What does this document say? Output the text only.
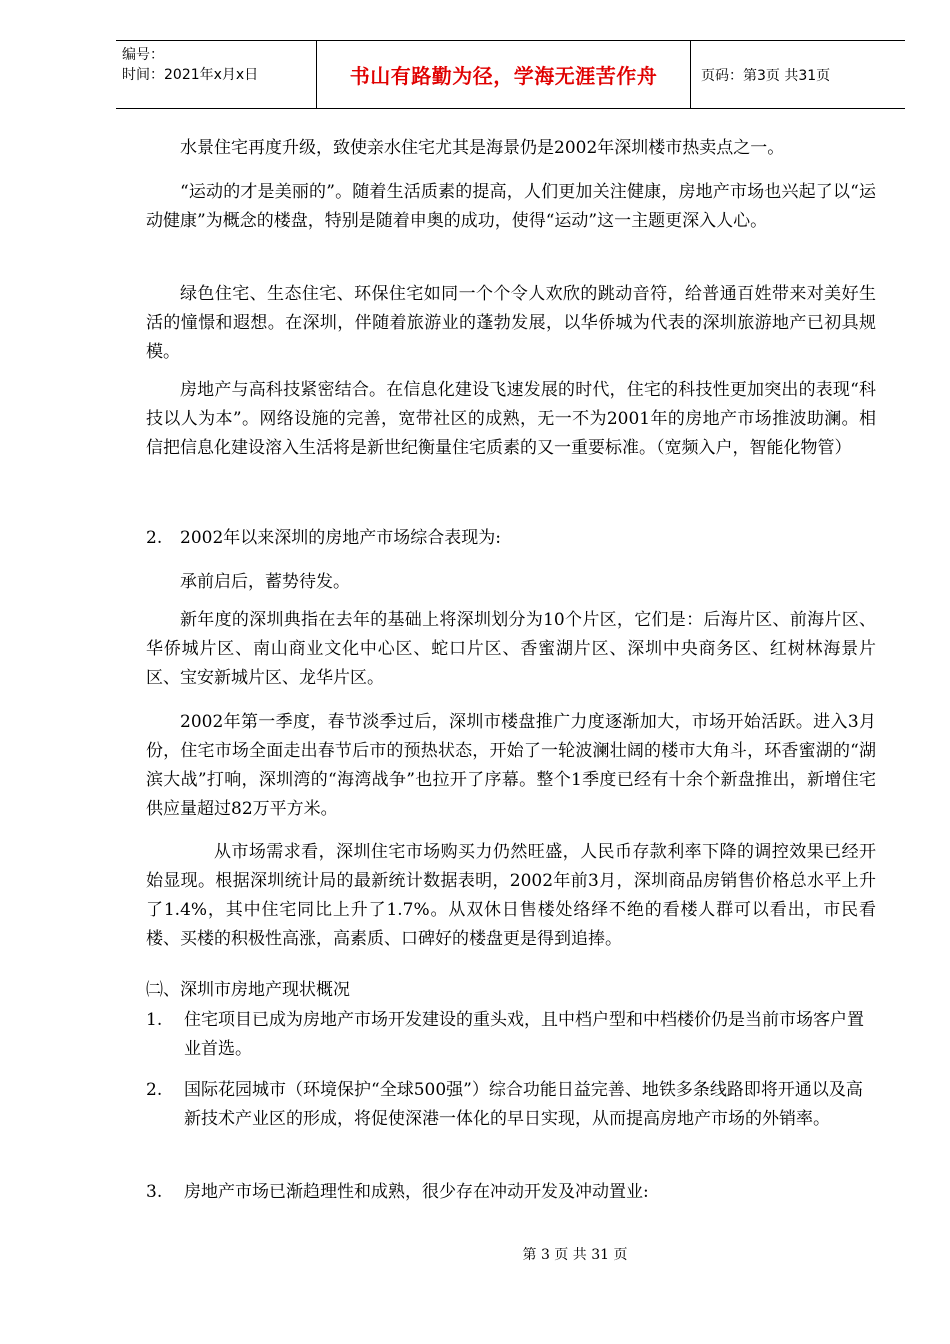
编号：
时间：2021年x月x日	书山有路勤为径，学海无涯苦作舟	页码：第3页 共31页

水景住宅再度升级，致使亲水住宅尤其是海景仍是2002年深圳楼市热卖点之一。

“运动的才是美丽的”。随着生活质素的提高，人们更加关注健康，房地产市场也兴起了以“运动健康”为概念的楼盘，特别是随着申奥的成功，使得“运动”这一主题更深入人心。

绿色住宅、生态住宅、环保住宅如同一个个令人欢欣的跳动音符，给普通百姓带来对美好生活的憧憬和遐想。在深圳，伴随着旅游业的蓬勃发展，以华侨城为代表的深圳旅游地产已初具规模。

房地产与高科技紧密结合。在信息化建设飞速发展的时代，住宅的科技性更加突出的表现“科技以人为本”。网络设施的完善，宽带社区的成熟，无一不为2001年的房地产市场推波助澜。相信把信息化建设溶入生活将是新世纪衡量住宅质素的又一重要标准。（宽频入户，智能化物管）

2.	2002年以来深圳的房地产市场综合表现为:

承前启后，蓄势待发。

新年度的深圳典指在去年的基础上将深圳划分为10个片区，它们是：后海片区、前海片区、华侨城片区、南山商业文化中心区、蛇口片区、香蜜湖片区、深圳中央商务区、红树林海景片区、宝安新城片区、龙华片区。

2002年第一季度，春节淡季过后，深圳市楼盘推广力度逐渐加大，市场开始活跃。进入3月份，住宅市场全面走出春节后市的预热状态，开始了一轮波澜壮阔的楼市大角斗，环香蜜湖的“湖滨大战”打响，深圳湾的“海湾战争”也拉开了序幕。整个1季度已经有十余个新盘推出，新增住宅供应量超过82万平方米。

从市场需求看，深圳住宅市场购买力仍然旺盛，人民币存款利率下降的调控效果已经开始显现。根据深圳统计局的最新统计数据表明，2002年前3月，深圳商品房销售价格总水平上升了1.4%，其中住宅同比上升了1.7%。从双休日售楼处络绎不绝的看楼人群可以看出，市民看楼、买楼的积极性高涨，高素质、口碑好的楼盘更是得到追捧。

㈡、深圳市房地产现状概况
1.	住宅项目已成为房地产市场开发建设的重头戏，且中档户型和中档楼价仍是当前市场客户置业首选。
2.	国际花园城市（环境保护“全球500强”）综合功能日益完善、地铁多条线路即将开通以及高新技术产业区的形成，将促使深港一体化的早日实现，从而提高房地产市场的外销率。
3.	房地产市场已渐趋理性和成熟，很少存在冲动开发及冲动置业:
第 3 页 共 31 页
